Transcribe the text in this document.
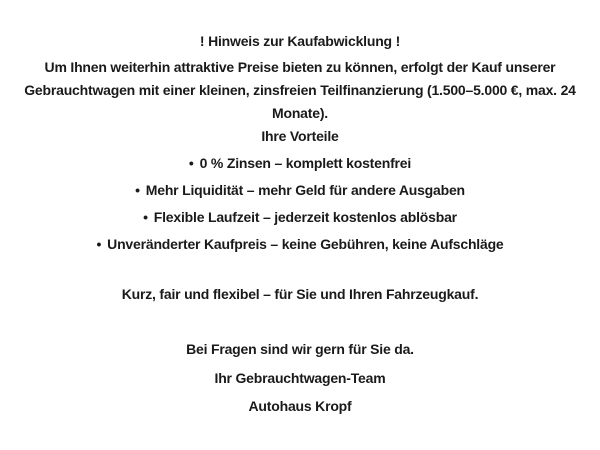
! Hinweis zur Kaufabwicklung !
Um Ihnen weiterhin attraktive Preise bieten zu können, erfolgt der Kauf unserer
Gebrauchtwagen mit einer kleinen, zinsfreien Teilfinanzierung (1.500–5.000 €, max. 24
Monate).
Ihre Vorteile
• 0 % Zinsen – komplett kostenfrei
• Mehr Liquidität – mehr Geld für andere Ausgaben
• Flexible Laufzeit – jederzeit kostenlos ablösbar
• Unveränderter Kaufpreis – keine Gebühren, keine Aufschläge
Kurz, fair und flexibel – für Sie und Ihren Fahrzeugkauf.
Bei Fragen sind wir gern für Sie da.
Ihr Gebrauchtwagen-Team
Autohaus Kropf
